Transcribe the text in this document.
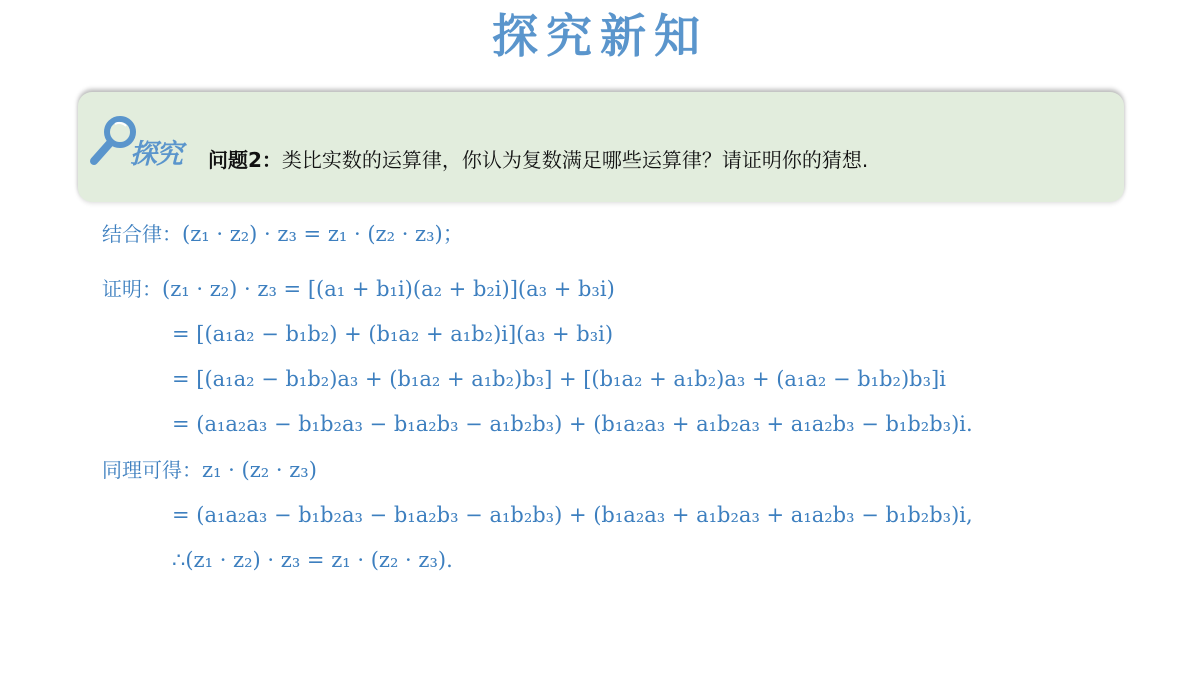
探究新知
探究 问题2：类比实数的运算律，你认为复数满足哪些运算律？请证明你的猜想.
结合律：(z₁ · z₂) · z₃ = z₁ · (z₂ · z₃)；
证明：(z₁ · z₂) · z₃ = [(a₁ + b₁i)(a₂ + b₂i)](a₃ + b₃i)
= [(a₁a₂ − b₁b₂) + (b₁a₂ + a₁b₂)i](a₃ + b₃i)
= [(a₁a₂ − b₁b₂)a₃ + (b₁a₂ + a₁b₂)b₃] + [(b₁a₂ + a₁b₂)a₃ + (a₁a₂ − b₁b₂)b₃]i
= (a₁a₂a₃ − b₁b₂a₃ − b₁a₂b₃ − a₁b₂b₃) + (b₁a₂a₃ + a₁b₂a₃ + a₁a₂b₃ − b₁b₂b₃)i.
同理可得：z₁ · (z₂ · z₃)
= (a₁a₂a₃ − b₁b₂a₃ − b₁a₂b₃ − a₁b₂b₃) + (b₁a₂a₃ + a₁b₂a₃ + a₁a₂b₃ − b₁b₂b₃)i,
∴(z₁ · z₂) · z₃ = z₁ · (z₂ · z₃).
